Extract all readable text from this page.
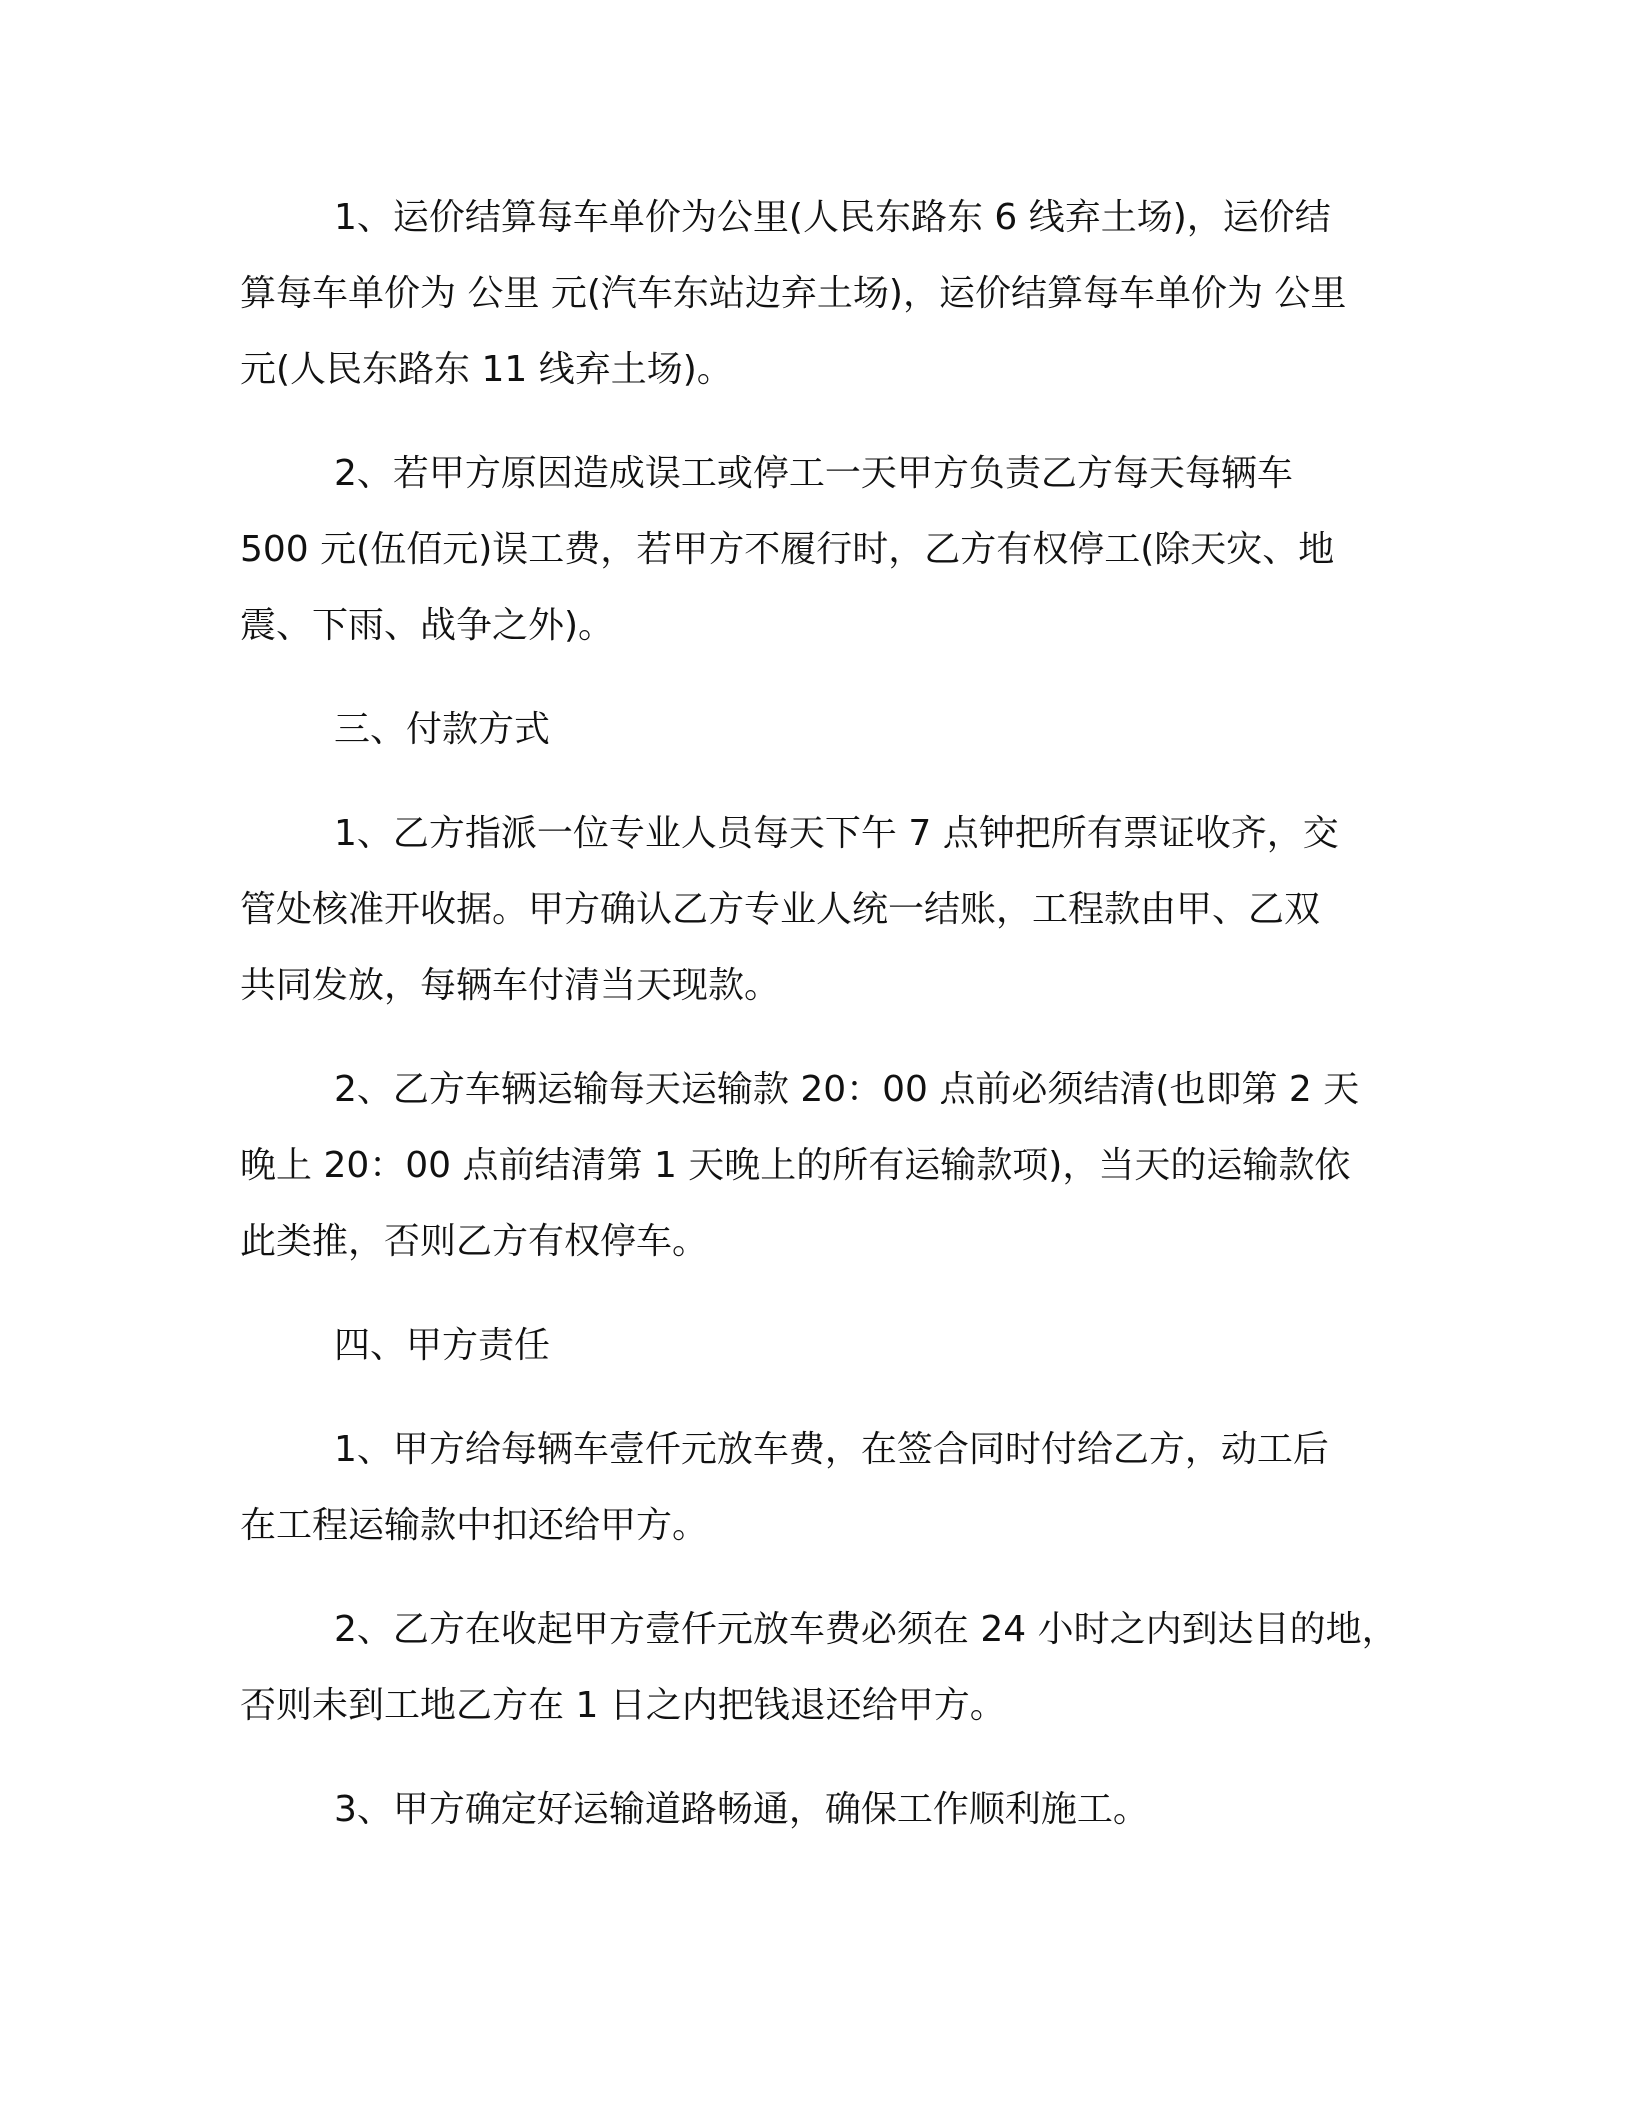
1、运价结算每车单价为公里(人民东路东 6 线弃土场)，运价结

算每车单价为 公里 元(汽车东站边弃土场)，运价结算每车单价为 公里

元(人民东路东 11 线弃土场)。

2、若甲方原因造成误工或停工一天甲方负责乙方每天每辆车

500 元(伍佰元)误工费，若甲方不履行时，乙方有权停工(除天灾、地

震、下雨、战争之外)。

三、付款方式

1、乙方指派一位专业人员每天下午 7 点钟把所有票证收齐，交

管处核准开收据。甲方确认乙方专业人统一结账，工程款由甲、乙双

共同发放，每辆车付清当天现款。

2、乙方车辆运输每天运输款 20：00 点前必须结清(也即第 2 天

晚上 20：00 点前结清第 1 天晚上的所有运输款项)，当天的运输款依

此类推，否则乙方有权停车。

四、甲方责任

1、甲方给每辆车壹仟元放车费，在签合同时付给乙方，动工后

在工程运输款中扣还给甲方。

2、乙方在收起甲方壹仟元放车费必须在 24 小时之内到达目的地，

否则未到工地乙方在 1 日之内把钱退还给甲方。

3、甲方确定好运输道路畅通，确保工作顺利施工。
